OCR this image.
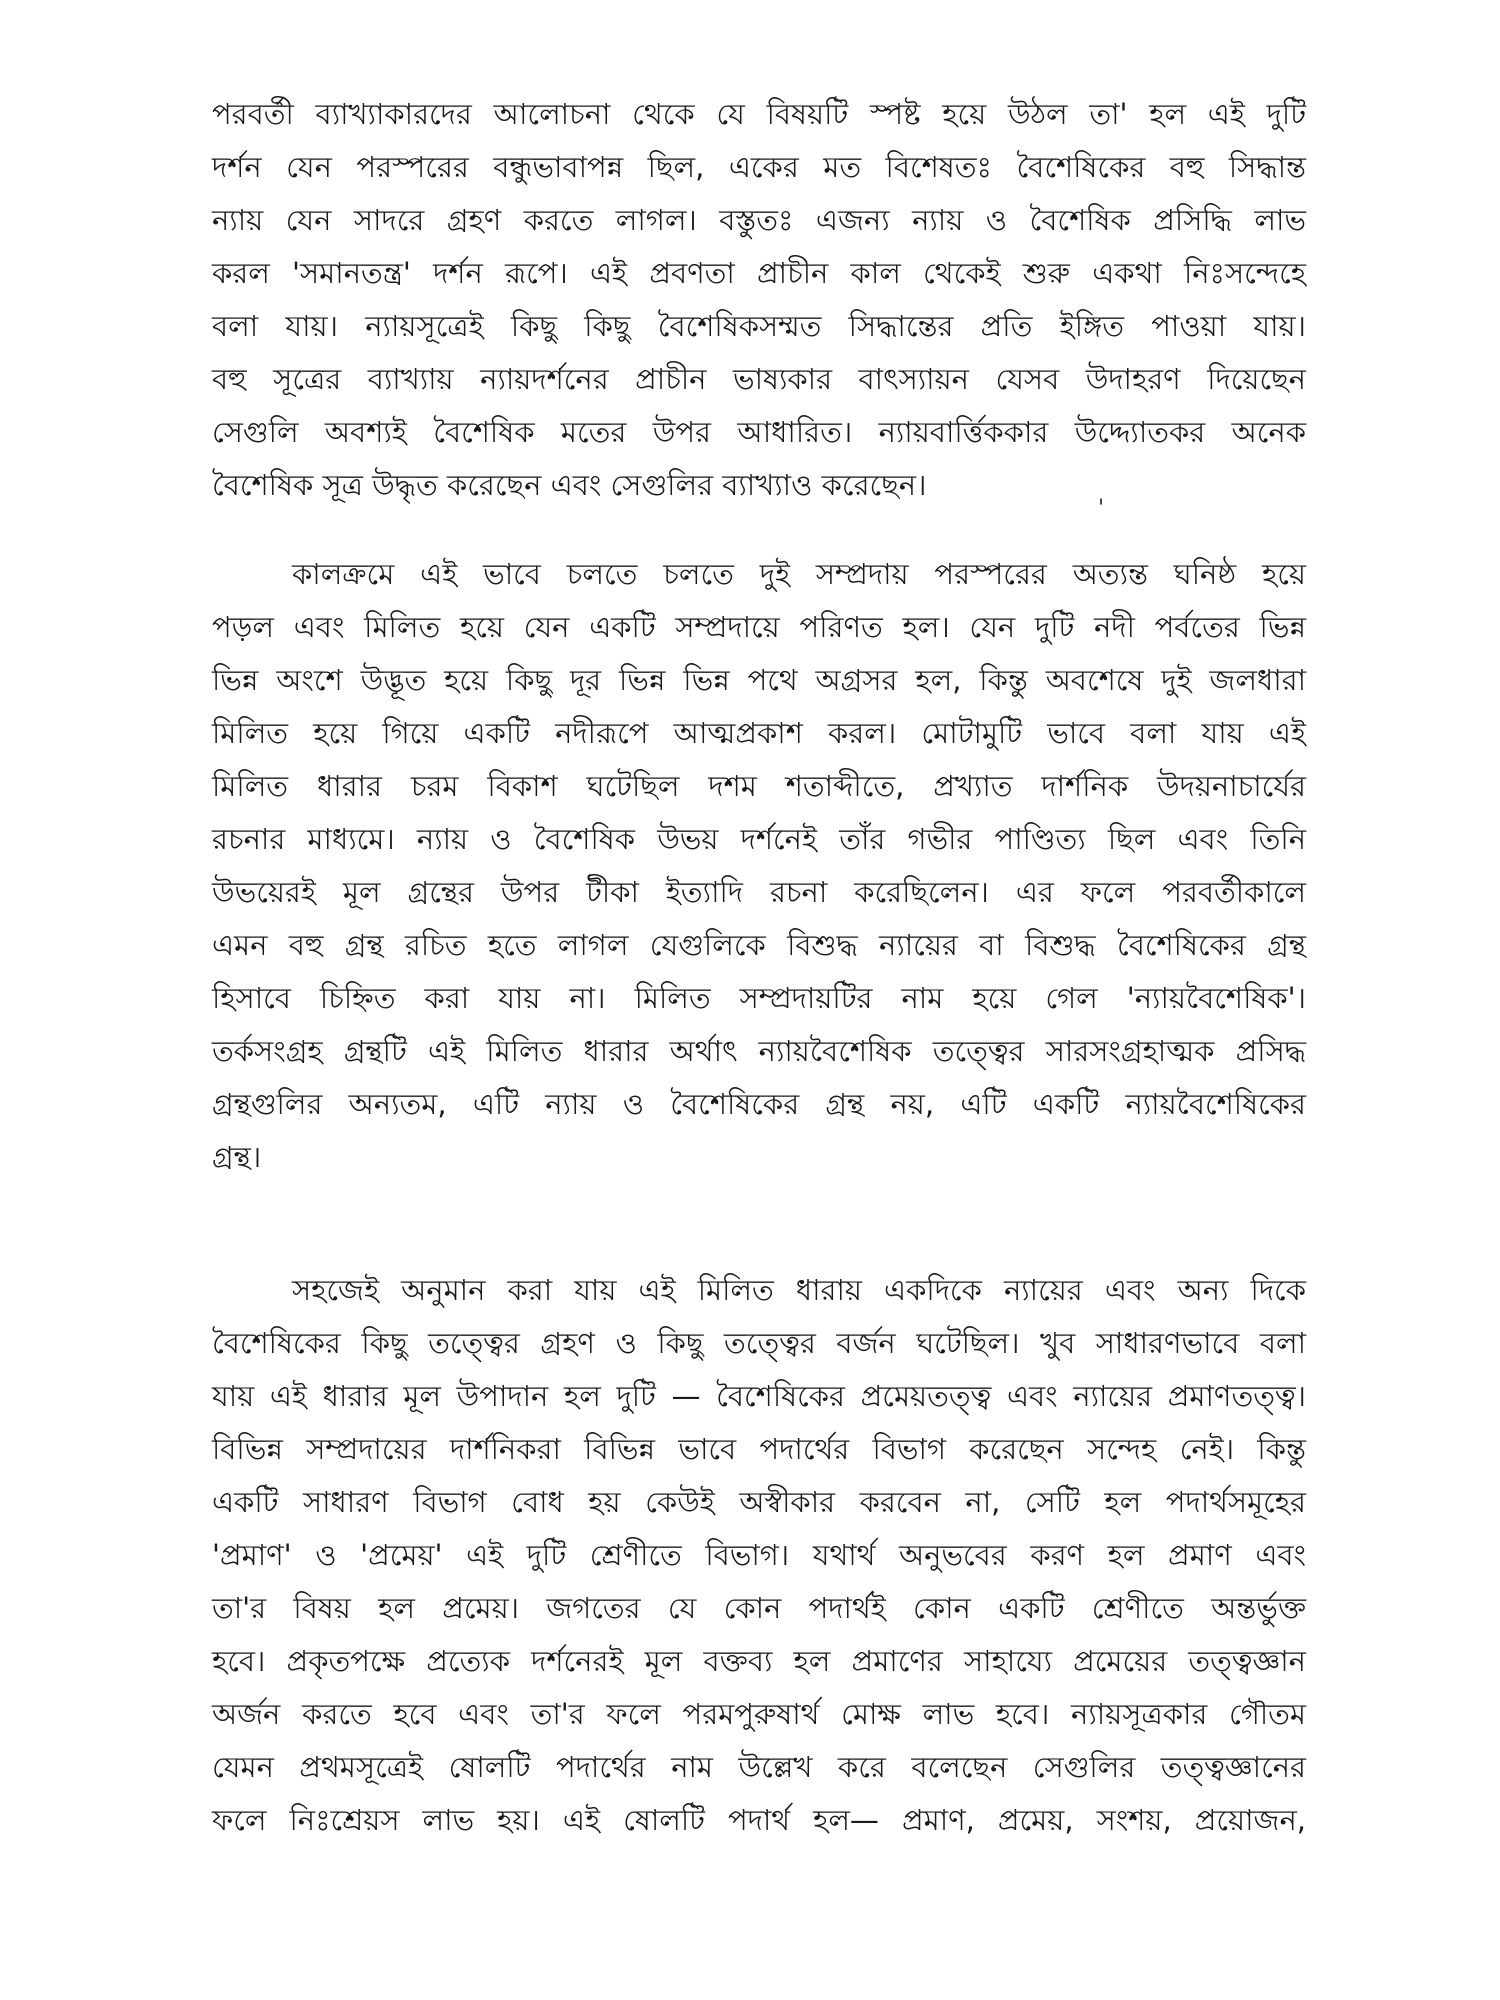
পরবর্তী ব্যাখ্যাকারদের আলোচনা থেকে যে বিষয়টি স্পষ্ট হয়ে উঠল তা' হল এই দুটি
দর্শন যেন পরস্পরের বন্ধুভাবাপন্ন ছিল, একের মত বিশেষতঃ বৈশেষিকের বহু সিদ্ধান্ত
ন্যায় যেন সাদরে গ্রহণ করতে লাগল। বস্তুতঃ এজন্য ন্যায় ও বৈশেষিক প্রসিদ্ধি লাভ
করল 'সমানতন্ত্র' দর্শন রূপে। এই প্রবণতা প্রাচীন কাল থেকেই শুরু একথা নিঃসন্দেহে
বলা যায়। ন্যায়সূত্রেই কিছু কিছু বৈশেষিকসম্মত সিদ্ধান্তের প্রতি ইঙ্গিত পাওয়া যায়।
বহু সূত্রের ব্যাখ্যায় ন্যায়দর্শনের প্রাচীন ভাষ্যকার বাৎস্যায়ন যেসব উদাহরণ দিয়েছেন
সেগুলি অবশ্যই বৈশেষিক মতের উপর আধারিত। ন্যায়বার্ত্তিককার উদ্দ্যোতকর অনেক
বৈশেষিক সূত্র উদ্ধৃত করেছেন এবং সেগুলির ব্যাখ্যাও করেছেন।

'

কালক্রমে এই ভাবে চলতে চলতে দুই সম্প্রদায় পরস্পরের অত্যন্ত ঘনিষ্ঠ হয়ে
পড়ল এবং মিলিত হয়ে যেন একটি সম্প্রদায়ে পরিণত হল। যেন দুটি নদী পর্বতের ভিন্ন
ভিন্ন অংশে উদ্ভূত হয়ে কিছু দূর ভিন্ন ভিন্ন পথে অগ্রসর হল, কিন্তু অবশেষে দুই জলধারা
মিলিত হয়ে গিয়ে একটি নদীরূপে আত্মপ্রকাশ করল। মোটামুটি ভাবে বলা যায় এই
মিলিত ধারার চরম বিকাশ ঘটেছিল দশম শতাব্দীতে, প্রখ্যাত দার্শনিক উদয়নাচার্যের
রচনার মাধ্যমে। ন্যায় ও বৈশেষিক উভয় দর্শনেই তাঁর গভীর পাণ্ডিত্য ছিল এবং তিনি
উভয়েরই মূল গ্রন্থের উপর টীকা ইত্যাদি রচনা করেছিলেন। এর ফলে পরবর্তীকালে
এমন বহু গ্রন্থ রচিত হতে লাগল যেগুলিকে বিশুদ্ধ ন্যায়ের বা বিশুদ্ধ বৈশেষিকের গ্রন্থ
হিসাবে চিহ্নিত করা যায় না। মিলিত সম্প্রদায়টির নাম হয়ে গেল 'ন্যায়বৈশেষিক'।
তর্কসংগ্রহ গ্রন্থটি এই মিলিত ধারার অর্থাৎ ন্যায়বৈশেষিক তত্ত্বের সারসংগ্রহাত্মক প্রসিদ্ধ
গ্রন্থগুলির অন্যতম, এটি ন্যায় ও বৈশেষিকের গ্রন্থ নয়, এটি একটি ন্যায়বৈশেষিকের
গ্রন্থ।

সহজেই অনুমান করা যায় এই মিলিত ধারায় একদিকে ন্যায়ের এবং অন্য দিকে
বৈশেষিকের কিছু তত্ত্বের গ্রহণ ও কিছু তত্ত্বের বর্জন ঘটেছিল। খুব সাধারণভাবে বলা
যায় এই ধারার মূল উপাদান হল দুটি — বৈশেষিকের প্রমেয়তত্ত্ব এবং ন্যায়ের প্রমাণতত্ত্ব।
বিভিন্ন সম্প্রদায়ের দার্শনিকরা বিভিন্ন ভাবে পদার্থের বিভাগ করেছেন সন্দেহ নেই। কিন্তু
একটি সাধারণ বিভাগ বোধ হয় কেউই অস্বীকার করবেন না, সেটি হল পদার্থসমূহের
'প্রমাণ' ও 'প্রমেয়' এই দুটি শ্রেণীতে বিভাগ। যথার্থ অনুভবের করণ হল প্রমাণ এবং
তা'র বিষয় হল প্রমেয়। জগতের যে কোন পদার্থই কোন একটি শ্রেণীতে অন্তর্ভুক্ত
হবে। প্রকৃতপক্ষে প্রত্যেক দর্শনেরই মূল বক্তব্য হল প্রমাণের সাহায্যে প্রমেয়ের তত্ত্বজ্ঞান
অর্জন করতে হবে এবং তা'র ফলে পরমপুরুষার্থ মোক্ষ লাভ হবে। ন্যায়সূত্রকার গৌতম
যেমন প্রথমসূত্রেই ষোলটি পদার্থের নাম উল্লেখ করে বলেছেন সেগুলির তত্ত্বজ্ঞানের
ফলে নিঃশ্রেয়স লাভ হয়। এই ষোলটি পদার্থ হল— প্রমাণ, প্রমেয়, সংশয়, প্রয়োজন,
